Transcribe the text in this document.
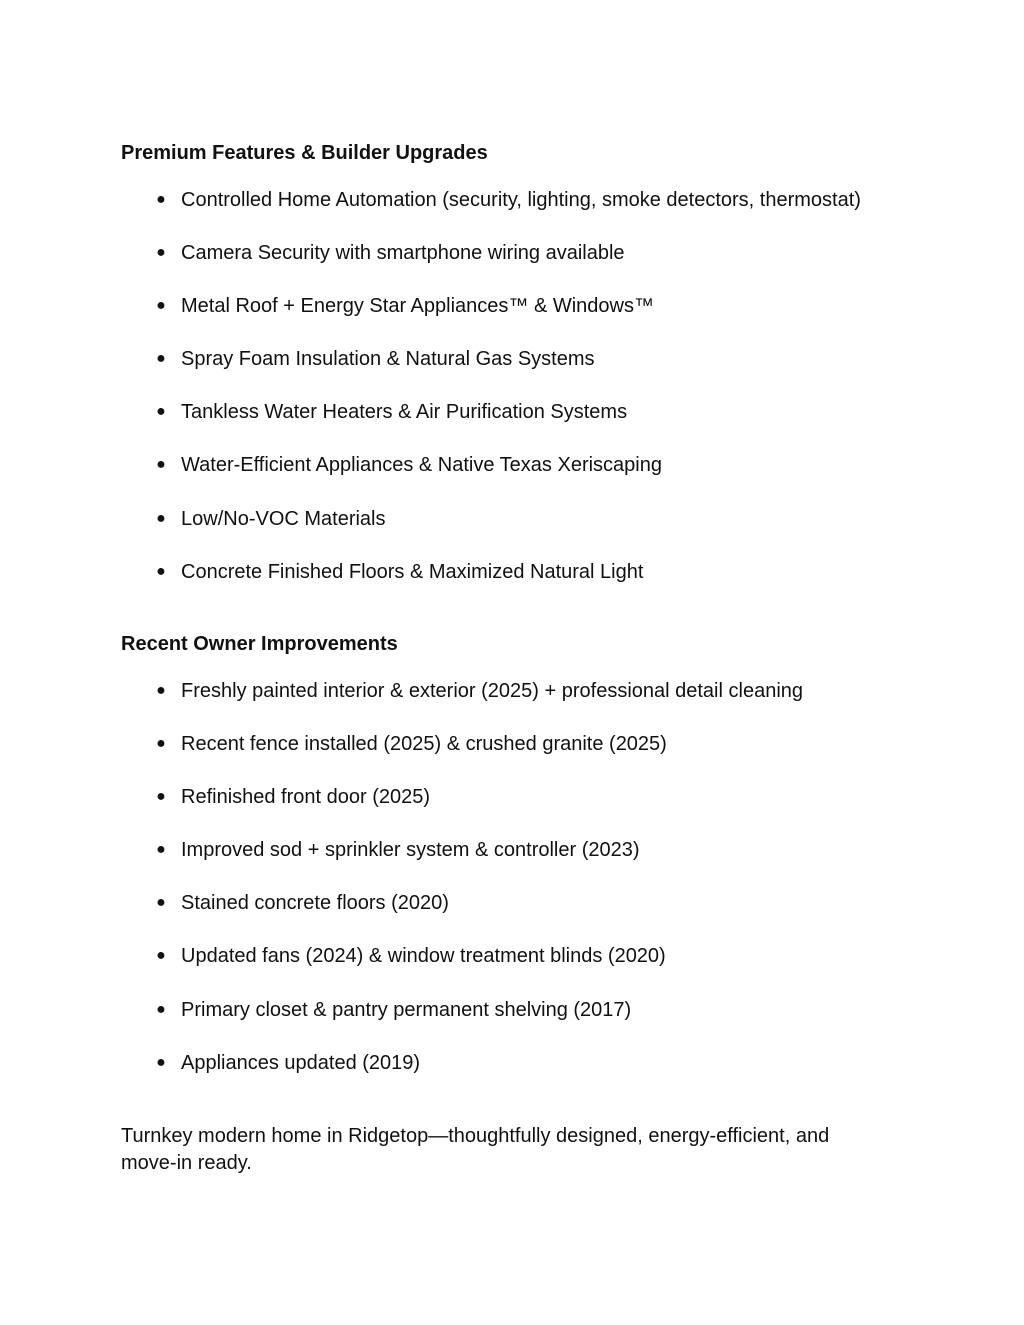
Premium Features & Builder Upgrades
● Controlled Home Automation (security, lighting, smoke detectors, thermostat)
● Camera Security with smartphone wiring available
● Metal Roof + Energy Star Appliances™ & Windows™
● Spray Foam Insulation & Natural Gas Systems
● Tankless Water Heaters & Air Purification Systems
● Water-Efficient Appliances & Native Texas Xeriscaping
● Low/No-VOC Materials
● Concrete Finished Floors & Maximized Natural Light
Recent Owner Improvements
● Freshly painted interior & exterior (2025) + professional detail cleaning
● Recent fence installed (2025) & crushed granite (2025)
● Refinished front door (2025)
● Improved sod + sprinkler system & controller (2023)
● Stained concrete floors (2020)
● Updated fans (2024) & window treatment blinds (2020)
● Primary closet & pantry permanent shelving (2017)
● Appliances updated (2019)

Turnkey modern home in Ridgetop—thoughtfully designed, energy-efficient, and move-in ready.
